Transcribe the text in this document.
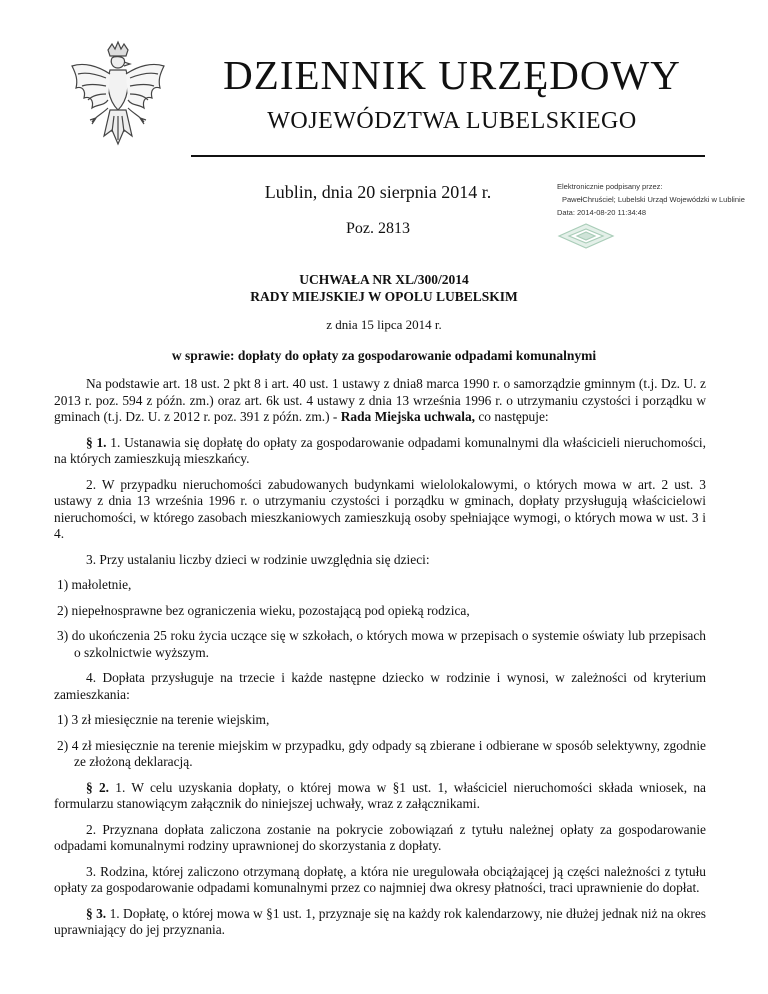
DZIENNIK URZĘDOWY
WOJEWÓDZTWA LUBELSKIEGO
Lublin, dnia 20 sierpnia 2014 r.
Poz. 2813
Elektronicznie podpisany przez:
PawełChruściel; Lubelski Urząd Wojewódzki w Lublinie
Data: 2014-08-20 11:34:48
UCHWAŁA NR XL/300/2014
RADY MIEJSKIEJ W OPOLU LUBELSKIM
z dnia 15 lipca 2014 r.
w sprawie: dopłaty do opłaty za gospodarowanie odpadami komunalnymi

Na podstawie art. 18 ust. 2 pkt 8 i art. 40 ust. 1 ustawy z dnia8 marca 1990 r. o samorządzie gminnym (t.j. Dz. U. z 2013 r. poz. 594 z późn. zm.) oraz art. 6k ust. 4 ustawy z dnia 13 września 1996 r. o utrzymaniu czystości i porządku w gminach (t.j. Dz. U. z 2012 r. poz. 391 z późn. zm.) - Rada Miejska uchwala, co następuje:

§ 1. 1. Ustanawia się dopłatę do opłaty za gospodarowanie odpadami komunalnymi dla właścicieli nieruchomości, na których zamieszkują mieszkańcy.

2. W przypadku nieruchomości zabudowanych budynkami wielolokalowymi, o których mowa w art. 2 ust. 3 ustawy z dnia 13 września 1996 r. o utrzymaniu czystości i porządku w gminach, dopłaty przysługują właścicielowi nieruchomości, w którego zasobach mieszkaniowych zamieszkują osoby spełniające wymogi, o których mowa w ust. 3 i 4.

3. Przy ustalaniu liczby dzieci w rodzinie uwzględnia się dzieci:

1) małoletnie,

2) niepełnosprawne bez ograniczenia wieku, pozostającą pod opieką rodzica,

3) do ukończenia 25 roku życia uczące się w szkołach, o których mowa w przepisach o systemie oświaty lub przepisach o szkolnictwie wyższym.

4. Dopłata przysługuje na trzecie i każde następne dziecko w rodzinie i wynosi, w zależności od kryterium zamieszkania:

1) 3 zł miesięcznie na terenie wiejskim,

2) 4 zł miesięcznie na terenie miejskim w przypadku, gdy odpady są zbierane i odbierane w sposób selektywny, zgodnie ze złożoną deklaracją.

§ 2. 1. W celu uzyskania dopłaty, o której mowa w §1 ust. 1, właściciel nieruchomości składa wniosek, na formularzu stanowiącym załącznik do niniejszej uchwały, wraz z załącznikami.

2. Przyznana dopłata zaliczona zostanie na pokrycie zobowiązań z tytułu należnej opłaty za gospodarowanie odpadami komunalnymi rodziny uprawnionej do skorzystania z dopłaty.

3. Rodzina, której zaliczono otrzymaną dopłatę, a która nie uregulowała obciążającej ją części należności z tytułu opłaty za gospodarowanie odpadami komunalnymi przez co najmniej dwa okresy płatności, traci uprawnienie do dopłat.

§ 3. 1. Dopłatę, o której mowa w §1 ust. 1, przyznaje się na każdy rok kalendarzowy, nie dłużej jednak niż na okres uprawniający do jej przyznania.
